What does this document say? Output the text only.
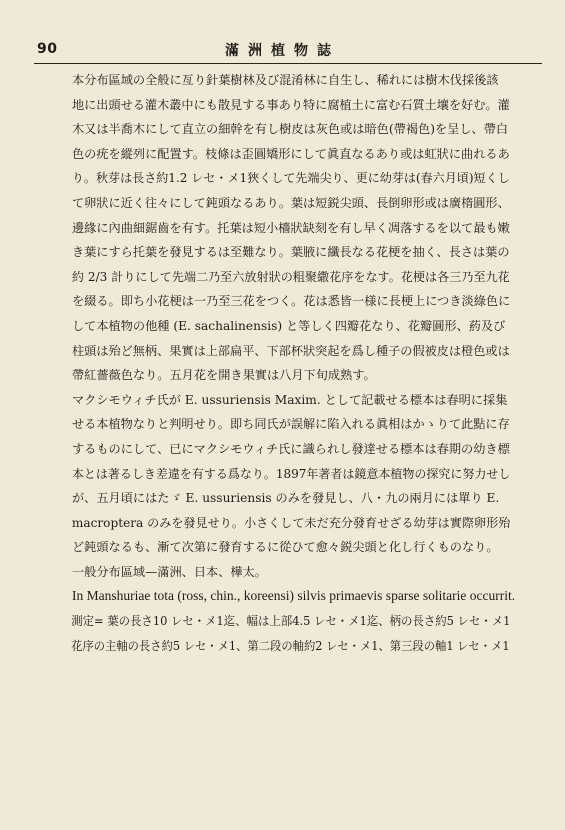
90	滿洲植物誌

本分布區域の全般に亙り針葉樹林及び混淆林に自生し、稀れには樹木伐採後該
地に出頭せる灌木叢中にも散見する事あり特に腐植土に富む石質土壤を好む。灌
木又は半喬木にして直立の細幹を有し樹皮は灰色或は暗色(帶褐色)を呈し、帶白
色の疣を縱列に配置す。枝條は歪圓矯形にして眞直なるあり或は虹狀に曲れるあ
り。秋芽は長さ約1.2 レセ・メ1狹くして先端尖り、更に幼芽は(春六月頃)短くし
て卵狀に近く往々にして鈍頭なるあり。葉は短鋭尖頭、長倒卵形或は廣楕圓形、
邊緣に內曲細鋸齒を有す。托葉は短小檣狀缺刻を有し早く凋落するを以て最も嫩
き葉にすら托葉を發見するは至難なり。葉腋に纖長なる花梗を抽く、長さは葉の
約 2/3 計りにして先端二乃至六放射狀の粗聚繖花序をなす。花梗は各三乃至九花
を綴る。即ち小花梗は一乃至三花をつく。花は悉皆一様に長梗上につき淡綠色に
して本植物の他種 (E. sachalinensis) と等しく四瓣花なり、花瓣圓形、葯及び
柱頭は殆ど無柄、果實は上部扁平、下部杯狀突起を爲し種子の假被皮は橙色或は
帶紅薔薇色なり。五月花を開き果實は八月下旬成熟す。

マクシモウィチ氏が E. ussuriensis Maxim. として記載せる標本は春明に採集
せる本植物なりと判明せり。即ち同氏が誤解に陷入れる眞相はかゝりて此點に存
するものにして、已にマクシモウィチ氏に識られし發達せる標本は春期の幼き標
本とは著るしき差違を有する爲なり。1897年著者は鏡意本植物の探究に努力せし
が、五月頃にはたゞ E. ussuriensis のみを發見し、八・九の兩月には單り E.
macroptera のみを發見せり。小さくして未だ充分發育せざる幼芽は實際卵形殆
ど鈍頭なるも、漸て次第に發育するに從ひて愈々鋭尖頭と化し行くものなり。

一般分布區域—滿洲、日本、樺太。

In Manshuriae tota (ross, chin., koreensi) silvis primaevis sparse solitarie occurrit.

測定= 葉の長さ10 レセ・メ1迄、幅は上部4.5 レセ・メ1迄、柄の長さ約5 レセ・メ1
花序の主軸の長さ約5 レセ・メ1、第二段の軸約2 レセ・メ1、第三段の軸1 レセ・メ1
